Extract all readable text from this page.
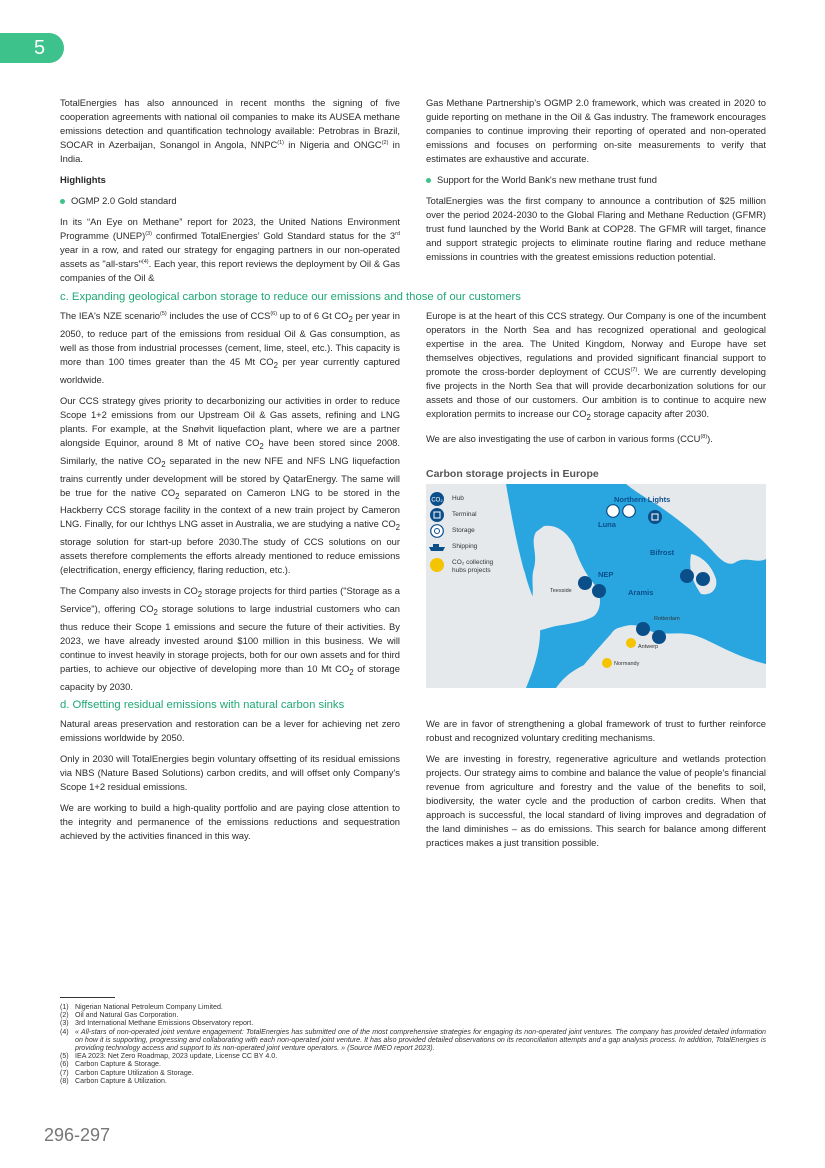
5

TotalEnergies has also announced in recent months the signing of five cooperation agreements with national oil companies to make its AUSEA methane emissions detection and quantification technology available: Petrobras in Brazil, SOCAR in Azerbaijan, Sonangol in Angola, NNPC$^{(1)}$ in Nigeria and ONGC$^{(2)}$ in India.

Highlights

OGMP 2.0 Gold standard

In its “An Eye on Methane” report for 2023, the United Nations Environment Programme (UNEP)$^{(3)}$ confirmed TotalEnergies’ Gold Standard status for the 3rd year in a row, and rated our strategy for engaging partners in our non-operated assets as "all-stars"$^{(4)}$. Each year, this report reviews the deployment by Oil & Gas companies of the Oil &

Gas Methane Partnership’s OGMP 2.0 framework, which was created in 2020 to guide reporting on methane in the Oil & Gas industry. The framework encourages companies to continue improving their reporting of operated and non-operated emissions and focuses on performing on-site measurements to verify that estimates are exhaustive and accurate.

Support for the World Bank's new methane trust fund

TotalEnergies was the first company to announce a contribution of $25 million over the period 2024-2030 to the Global Flaring and Methane Reduction (GFMR) trust fund launched by the World Bank at COP28. The GFMR will target, finance and support strategic projects to eliminate routine flaring and reduce methane emissions in countries with the greatest emissions reduction potential.

c. Expanding geological carbon storage to reduce our emissions and those of our customers

The IEA's NZE scenario$^{(5)}$ includes the use of CCS$^{(6)}$ up to of 6 Gt $CO_2$ per year in 2050, to reduce part of the emissions from residual Oil & Gas consumption, as well as those from industrial processes (cement, lime, steel, etc.). This capacity is more than 100 times greater than the 45 Mt $CO_2$ per year currently captured worldwide.

Our CCS strategy gives priority to decarbonizing our activities in order to reduce Scope 1+2 emissions from our Upstream Oil & Gas assets, refining and LNG plants. For example, at the Snøhvit liquefaction plant, where we are a partner alongside Equinor, around 8 Mt of native $CO_2$ have been stored since 2008. Similarly, the native $CO_2$ separated in the new NFE and NFS LNG liquefaction trains currently under development will be stored by QatarEnergy. The same will be true for the native $CO_2$ separated on Cameron LNG to be stored in the Hackberry CCS storage facility in the context of a new train project by Cameron LNG. Finally, for our Ichthys LNG asset in Australia, we are studying a native $CO_2$ storage solution for start-up before 2030.The study of CCS solutions on our assets therefore complements the efforts already mentioned to reduce emissions (electrification, energy efficiency, flaring reduction, etc.).

The Company also invests in $CO_2$ storage projects for third parties ("Storage as a Service"), offering $CO_2$ storage solutions to large industrial customers who can thus reduce their Scope 1 emissions and secure the future of their activities. By 2023, we have already invested around $100 million in this business. We will continue to invest heavily in storage projects, both for our own assets and for third parties, to achieve our objective of developing more than 10 Mt $CO_2$ of storage capacity by 2030.

Europe is at the heart of this CCS strategy. Our Company is one of the incumbent operators in the North Sea and has recognized operational and geological expertise in the area. The United Kingdom, Norway and Europe have set themselves objectives, regulations and provided significant financial support to promote the cross-border deployment of CCUS$^{(7)}$. We are currently developing five projects in the North Sea that will provide decarbonization solutions for our assets and those of our customers. Our ambition is to continue to acquire new exploration permits to increase our $CO_2$ storage capacity after 2030.

We are also investigating the use of carbon in various forms (CCU$^{(8)}$).

Carbon storage projects in Europe
CO₂ Hub
Terminal
Storage
Shipping
CO₂ collecting hubs projects
Northern Lights
Luna
Bifrost
NEP
Aramis
Teesside
Rotterdam
Antwerp
Normandy
d. Offsetting residual emissions with natural carbon sinks

Natural areas preservation and restoration can be a lever for achieving net zero emissions worldwide by 2050.

Only in 2030 will TotalEnergies begin voluntary offsetting of its residual emissions via NBS (Nature Based Solutions) carbon credits, and will offset only Company’s Scope 1+2 residual emissions.

We are working to build a high-quality portfolio and are paying close attention to the integrity and permanence of the emissions reductions and sequestration achieved by the activities financed in this way.

We are in favor of strengthening a global framework of trust to further reinforce robust and recognized voluntary crediting mechanisms.

We are investing in forestry, regenerative agriculture and wetlands protection projects. Our strategy aims to combine and balance the value of people’s financial revenue from agriculture and forestry and the value of the benefits to soil, biodiversity, the water cycle and the production of carbon credits. When that approach is successful, the local standard of living improves and degradation of the land diminishes – as do emissions. This search for balance among different practices makes a just transition possible.

(1) Nigerian National Petroleum Company Limited.
(2) Oil and Natural Gas Corporation.
(3) 3rd International Methane Emissions Observatory report.
(4) « All-stars of non-operated joint venture engagement: TotalEnergies has submitted one of the most comprehensive strategies for engaging its non-operated joint ventures. The company has provided detailed information on how it is supporting, progressing and collaborating with each non-operated joint venture. It has also provided detailed observations on its reconciliation attempts and a gap analysis process. In addition, TotalEnergies is providing technology access and support to its non-operated joint venture operators. » (Source IMEO report 2023).
(5) IEA 2023: Net Zero Roadmap, 2023 update, License CC BY 4.0.
(6) Carbon Capture & Storage.
(7) Carbon Capture Utilization & Storage.
(8) Carbon Capture & Utilization.
296-297
